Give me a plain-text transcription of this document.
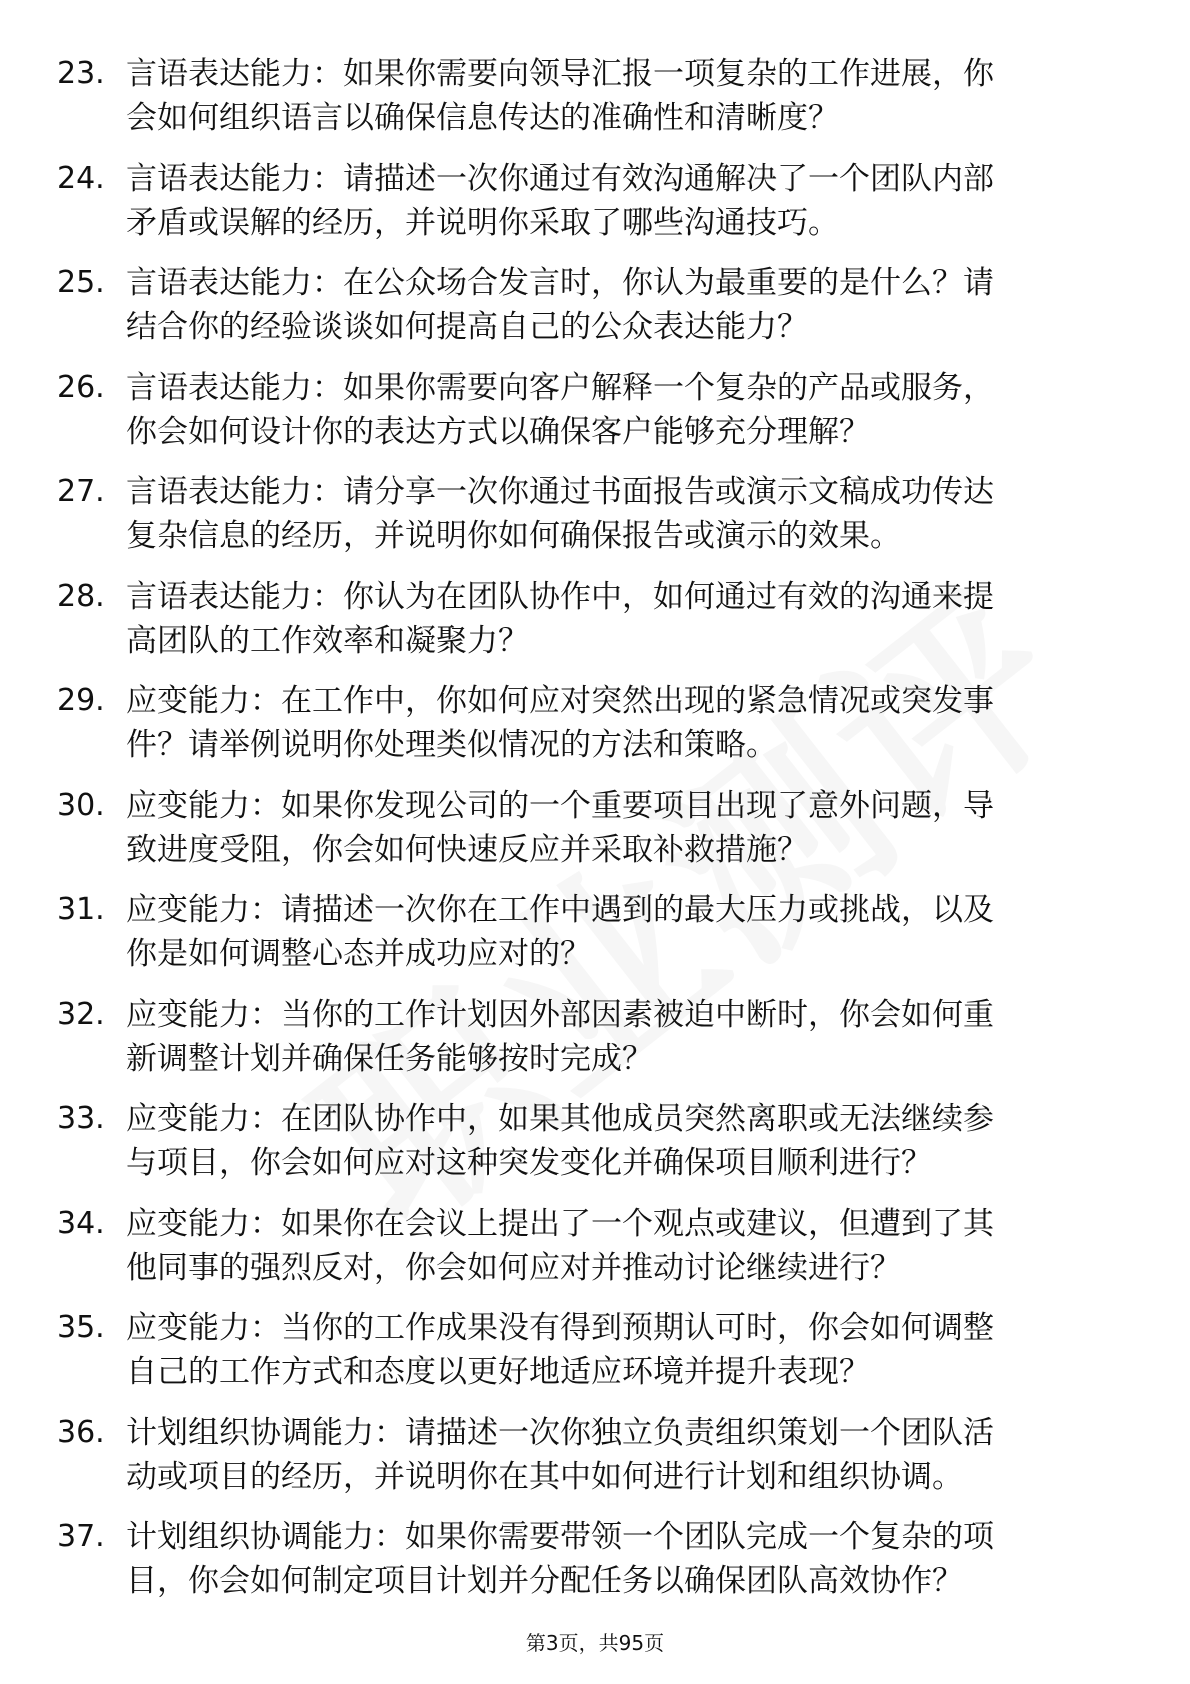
23. 言语表达能力：如果你需要向领导汇报一项复杂的工作进展，你
会如何组织语言以确保信息传达的准确性和清晰度？
24. 言语表达能力：请描述一次你通过有效沟通解决了一个团队内部
矛盾或误解的经历，并说明你采取了哪些沟通技巧。
25. 言语表达能力：在公众场合发言时，你认为最重要的是什么？请
结合你的经验谈谈如何提高自己的公众表达能力？
26. 言语表达能力：如果你需要向客户解释一个复杂的产品或服务，
你会如何设计你的表达方式以确保客户能够充分理解？
27. 言语表达能力：请分享一次你通过书面报告或演示文稿成功传达
复杂信息的经历，并说明你如何确保报告或演示的效果。
28. 言语表达能力：你认为在团队协作中，如何通过有效的沟通来提
高团队的工作效率和凝聚力？
29. 应变能力：在工作中，你如何应对突然出现的紧急情况或突发事
件？请举例说明你处理类似情况的方法和策略。
30. 应变能力：如果你发现公司的一个重要项目出现了意外问题，导
致进度受阻，你会如何快速反应并采取补救措施？
31. 应变能力：请描述一次你在工作中遇到的最大压力或挑战，以及
你是如何调整心态并成功应对的？
32. 应变能力：当你的工作计划因外部因素被迫中断时，你会如何重
新调整计划并确保任务能够按时完成？
33. 应变能力：在团队协作中，如果其他成员突然离职或无法继续参
与项目，你会如何应对这种突发变化并确保项目顺利进行？
34. 应变能力：如果你在会议上提出了一个观点或建议，但遭到了其
他同事的强烈反对，你会如何应对并推动讨论继续进行？
35. 应变能力：当你的工作成果没有得到预期认可时，你会如何调整
自己的工作方式和态度以更好地适应环境并提升表现？
36. 计划组织协调能力：请描述一次你独立负责组织策划一个团队活
动或项目的经历，并说明你在其中如何进行计划和组织协调。
37. 计划组织协调能力：如果你需要带领一个团队完成一个复杂的项
目，你会如何制定项目计划并分配任务以确保团队高效协作？
第3页，共95页
